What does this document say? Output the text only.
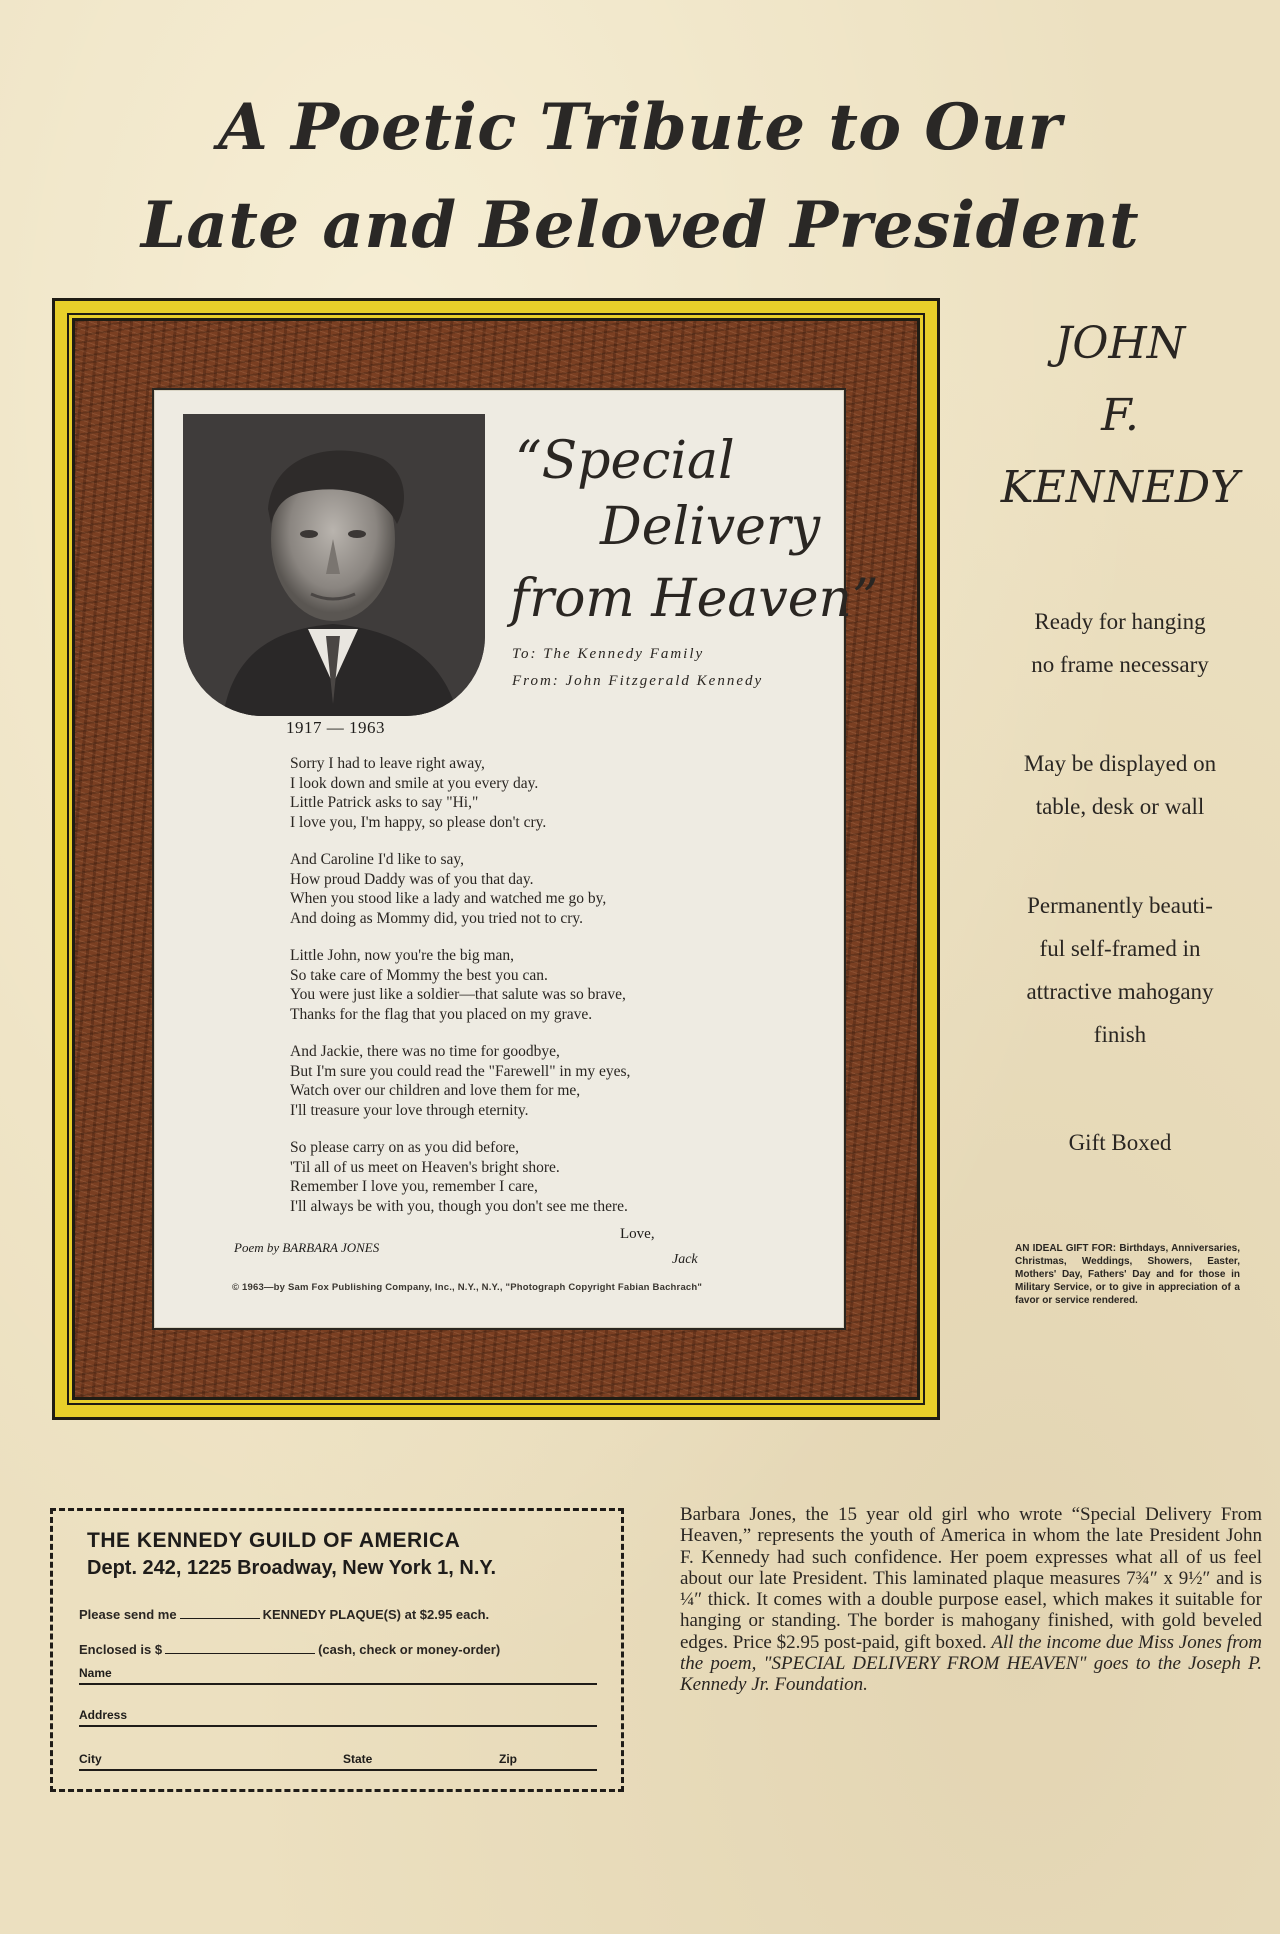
A Poetic Tribute to Our
Late and Beloved President
1917 — 1963
“Special
Delivery
from Heaven”
To: The Kennedy Family
From: John Fitzgerald Kennedy
Sorry I had to leave right away,
I look down and smile at you every day.
Little Patrick asks to say "Hi,"
I love you, I'm happy, so please don't cry.
And Caroline I'd like to say,
How proud Daddy was of you that day.
When you stood like a lady and watched me go by,
And doing as Mommy did, you tried not to cry.
Little John, now you're the big man,
So take care of Mommy the best you can.
You were just like a soldier—that salute was so brave,
Thanks for the flag that you placed on my grave.
And Jackie, there was no time for goodbye,
But I'm sure you could read the "Farewell" in my eyes,
Watch over our children and love them for me,
I'll treasure your love through eternity.
So please carry on as you did before,
'Til all of us meet on Heaven's bright shore.
Remember I love you, remember I care,
I'll always be with you, though you don't see me there.
Love,
Jack
Poem by BARBARA JONES
© 1963—by Sam Fox Publishing Company, Inc., N.Y., N.Y., "Photograph Copyright Fabian Bachrach"
JOHN
F.
KENNEDY
Ready for hanging
no frame necessary
May be displayed on
table, desk or wall
Permanently beauti-
ful self-framed in
attractive mahogany
finish
Gift Boxed
AN IDEAL GIFT FOR: Birthdays, Anniversaries, Christmas, Weddings, Showers, Easter, Mothers' Day, Fathers' Day and for those in Military Service, or to give in appreciation of a favor or service rendered.
THE KENNEDY GUILD OF AMERICA
Dept. 242, 1225 Broadway, New York 1, N.Y.
Please send me	KENNEDY PLAQUE(S) at $2.95 each.
Enclosed is $	(cash, check or money-order)
Name
Address
City	State	Zip
Barbara Jones, the 15 year old girl who wrote “Special Delivery From Heaven,” represents the youth of America in whom the late President John F. Kennedy had such confidence. Her poem expresses what all of us feel about our late President. This laminated plaque measures 7¾″ x 9½″ and is ¼″ thick. It comes with a double purpose easel, which makes it suitable for hanging or standing. The border is mahogany finished, with gold beveled edges. Price $2.95 post-paid, gift boxed. All the income due Miss Jones from the poem, "SPECIAL DELIVERY FROM HEAVEN" goes to the Joseph P. Kennedy Jr. Foundation.
